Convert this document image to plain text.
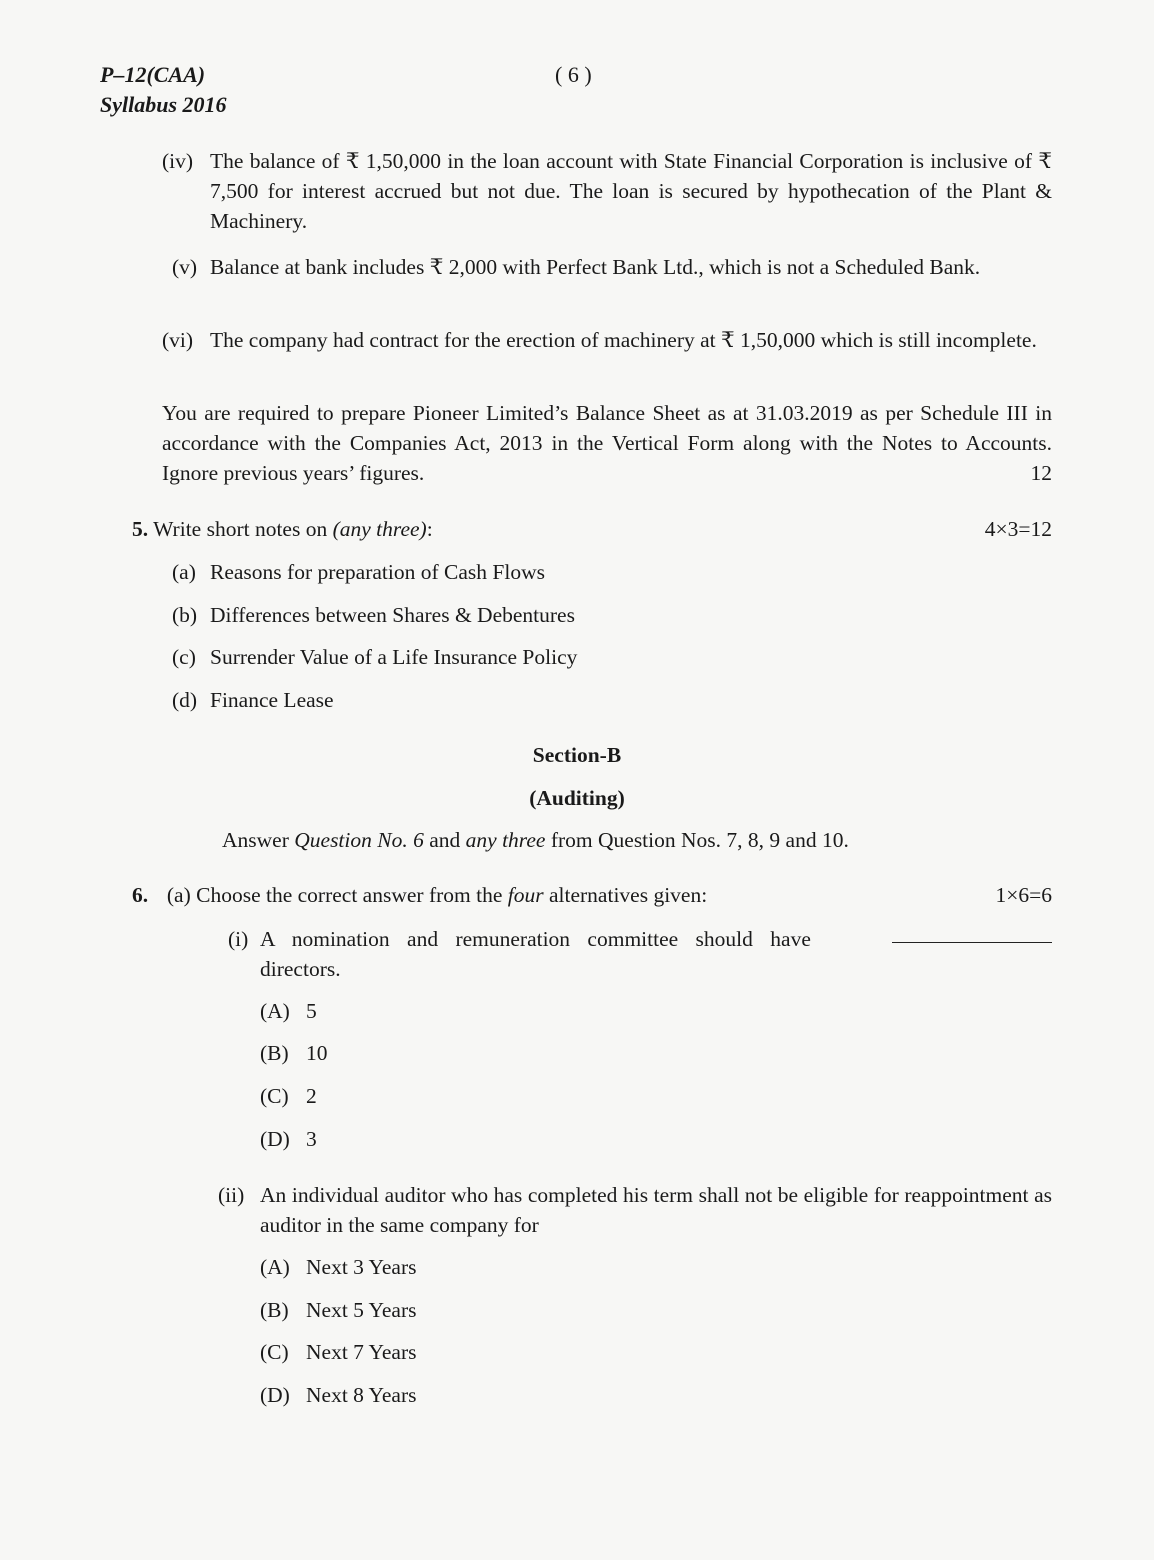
P–12(CAA)
Syllabus 2016
( 6 )
(iv) The balance of ₹ 1,50,000 in the loan account with State Financial Corporation is inclusive of ₹ 7,500 for interest accrued but not due. The loan is secured by hypothecation of the Plant & Machinery.
(v) Balance at bank includes ₹ 2,000 with Perfect Bank Ltd., which is not a Scheduled Bank.
(vi) The company had contract for the erection of machinery at ₹ 1,50,000 which is still incomplete.
You are required to prepare Pioneer Limited’s Balance Sheet as at 31.03.2019 as per Schedule III in accordance with the Companies Act, 2013 in the Vertical Form along with the Notes to Accounts. Ignore previous years’ figures.	12
5. Write short notes on (any three):	4×3=12
(a) Reasons for preparation of Cash Flows
(b) Differences between Shares & Debentures
(c) Surrender Value of a Life Insurance Policy
(d) Finance Lease
Section-B
(Auditing)
Answer Question No. 6 and any three from Question Nos. 7, 8, 9 and 10.
6. (a) Choose the correct answer from the four alternatives given:	1×6=6
(i) A nomination and remuneration committee should have
directors.
(A) 5
(B) 10
(C) 2
(D) 3
(ii) An individual auditor who has completed his term shall not be eligible for reappointment as auditor in the same company for
(A) Next 3 Years
(B) Next 5 Years
(C) Next 7 Years
(D) Next 8 Years
